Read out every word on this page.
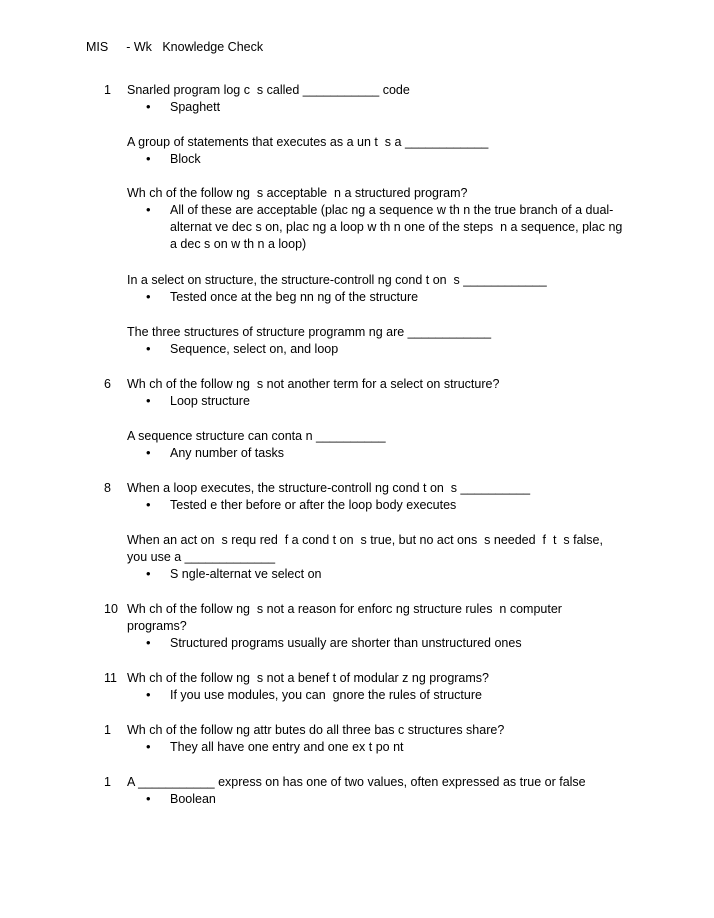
MIS - Wk   Knowledge Check
1	Snarled program log c  s called ___________ code
• Spaghett
A group of statements that executes as a un t  s a ____________
• Block
Wh ch of the follow ng  s acceptable  n a structured program?
• All of these are acceptable (plac ng a sequence w th n the true branch of a dual-
alternat ve dec s on, plac ng a loop w th n one of the steps  n a sequence, plac ng
a dec s on w th n a loop)
In a select on structure, the structure-controll ng cond t on  s ____________
• Tested once at the beg nn ng of the structure
The three structures of structure programm ng are ____________
• Sequence, select on, and loop
6	Wh ch of the follow ng  s not another term for a select on structure?
• Loop structure
A sequence structure can conta n __________
• Any number of tasks
8	When a loop executes, the structure-controll ng cond t on  s __________
• Tested e ther before or after the loop body executes
When an act on  s requ red  f a cond t on  s true, but no act ons  s needed  f  t  s false,
you use a _____________
• S ngle-alternat ve select on
10 Wh ch of the follow ng  s not a reason for enforc ng structure rules  n computer
programs?
• Structured programs usually are shorter than unstructured ones
11 Wh ch of the follow ng  s not a benef t of modular z ng programs?
• If you use modules, you can  gnore the rules of structure
1	Wh ch of the follow ng attr butes do all three bas c structures share?
• They all have one entry and one ex t po nt
1	A ___________ express on has one of two values, often expressed as true or false
• Boolean
